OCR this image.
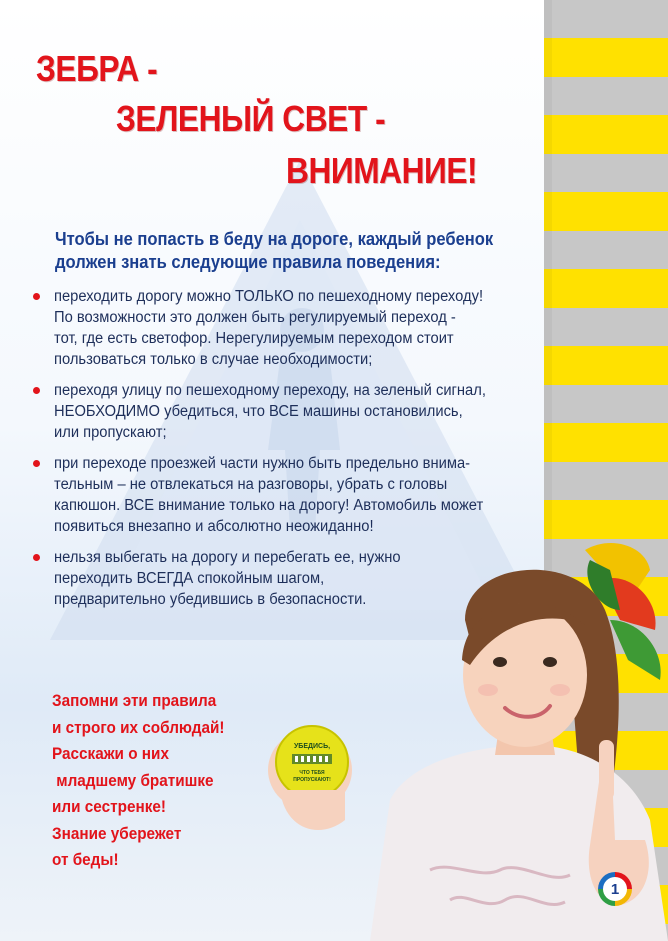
ЗЕБРА -
ЗЕЛЕНЫЙ СВЕТ -
ВНИМАНИЕ!
Чтобы не попасть в беду на дороге, каждый ребенок должен знать следующие правила поведения:
переходить дорогу можно ТОЛЬКО по пешеходному переходу!
По возможности это должен быть регулируемый переход -
тот, где есть светофор. Нерегулируемым переходом стоит
пользоваться только в случае необходимости;
переходя улицу по пешеходному переходу, на зеленый сигнал,
НЕОБХОДИМО убедиться, что ВСЕ машины остановились,
или пропускают;
при переходе проезжей части нужно быть предельно внима-
тельным – не отвлекаться на разговоры, убрать с головы
капюшон. ВСЕ внимание только на дорогу! Автомобиль может
появиться внезапно и абсолютно неожиданно!
нельзя выбегать на дорогу и перебегать ее, нужно
переходить ВСЕГДА спокойным шагом,
предварительно убедившись в безопасности.
Запомни эти правила
и строго их соблюдай!
Расскажи о них
младшему братишке
или сестренке!
Знание убережет
от беды!
УБЕДИСЬ,
ЧТО ТЕБЯ
ПРОПУСКАЮТ!
1
